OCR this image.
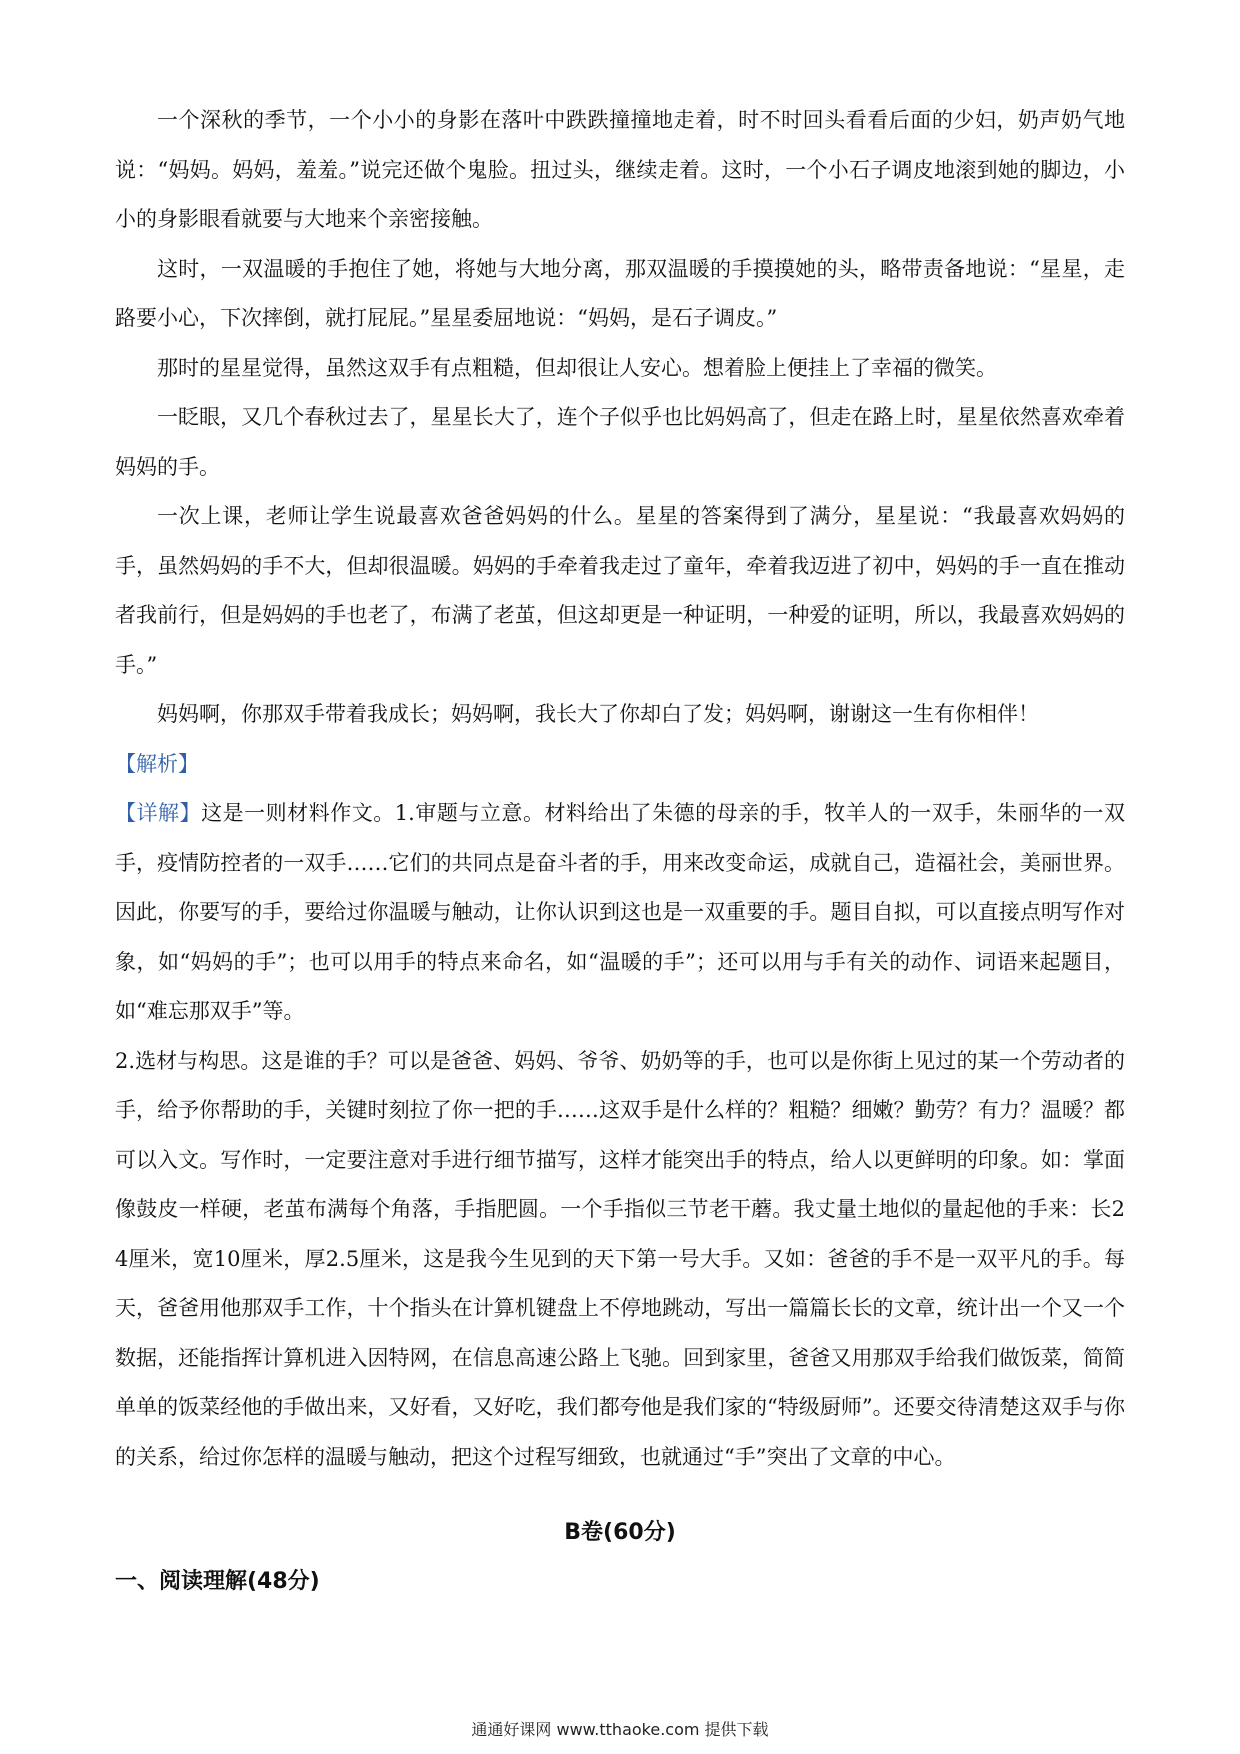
一个深秋的季节，一个小小的身影在落叶中跌跌撞撞地走着，时不时回头看看后面的少妇，奶声奶气地说：“妈妈。妈妈，羞羞。”说完还做个鬼脸。扭过头，继续走着。这时，一个小石子调皮地滚到她的脚边，小小的身影眼看就要与大地来个亲密接触。

这时，一双温暖的手抱住了她，将她与大地分离，那双温暖的手摸摸她的头，略带责备地说：“星星，走路要小心，下次摔倒，就打屁屁。”星星委屈地说：“妈妈，是石子调皮。”

那时的星星觉得，虽然这双手有点粗糙，但却很让人安心。想着脸上便挂上了幸福的微笑。

一眨眼，又几个春秋过去了，星星长大了，连个子似乎也比妈妈高了，但走在路上时，星星依然喜欢牵着妈妈的手。

一次上课，老师让学生说最喜欢爸爸妈妈的什么。星星的答案得到了满分，星星说：“我最喜欢妈妈的手，虽然妈妈的手不大，但却很温暖。妈妈的手牵着我走过了童年，牵着我迈进了初中，妈妈的手一直在推动者我前行，但是妈妈的手也老了，布满了老茧，但这却更是一种证明，一种爱的证明，所以，我最喜欢妈妈的手。”

妈妈啊，你那双手带着我成长；妈妈啊，我长大了你却白了发；妈妈啊，谢谢这一生有你相伴！

【解析】

【详解】这是一则材料作文。1.审题与立意。材料给出了朱德的母亲的手，牧羊人的一双手，朱丽华的一双手，疫情防控者的一双手……它们的共同点是奋斗者的手，用来改变命运，成就自己，造福社会，美丽世界。因此，你要写的手，要给过你温暖与触动，让你认识到这也是一双重要的手。题目自拟，可以直接点明写作对象，如“妈妈的手”；也可以用手的特点来命名，如“温暖的手”；还可以用与手有关的动作、词语来起题目，如“难忘那双手”等。

2.选材与构思。这是谁的手？可以是爸爸、妈妈、爷爷、奶奶等的手，也可以是你街上见过的某一个劳动者的手，给予你帮助的手，关键时刻拉了你一把的手……这双手是什么样的？粗糙？细嫩？勤劳？有力？温暖？都可以入文。写作时，一定要注意对手进行细节描写，这样才能突出手的特点，给人以更鲜明的印象。如：掌面像鼓皮一样硬，老茧布满每个角落，手指肥圆。一个手指似三节老干蘑。我丈量土地似的量起他的手来：长24厘米，宽10厘米，厚2.5厘米，这是我今生见到的天下第一号大手。又如：爸爸的手不是一双平凡的手。每天，爸爸用他那双手工作，十个指头在计算机键盘上不停地跳动，写出一篇篇长长的文章，统计出一个又一个数据，还能指挥计算机进入因特网，在信息高速公路上飞驰。回到家里，爸爸又用那双手给我们做饭菜，简简单单的饭菜经他的手做出来，又好看，又好吃，我们都夸他是我们家的“特级厨师”。还要交待清楚这双手与你的关系，给过你怎样的温暖与触动，把这个过程写细致，也就通过“手”突出了文章的中心。

B卷(60分)
一、阅读理解(48分)
通通好课网 www.tthaoke.com 提供下载
